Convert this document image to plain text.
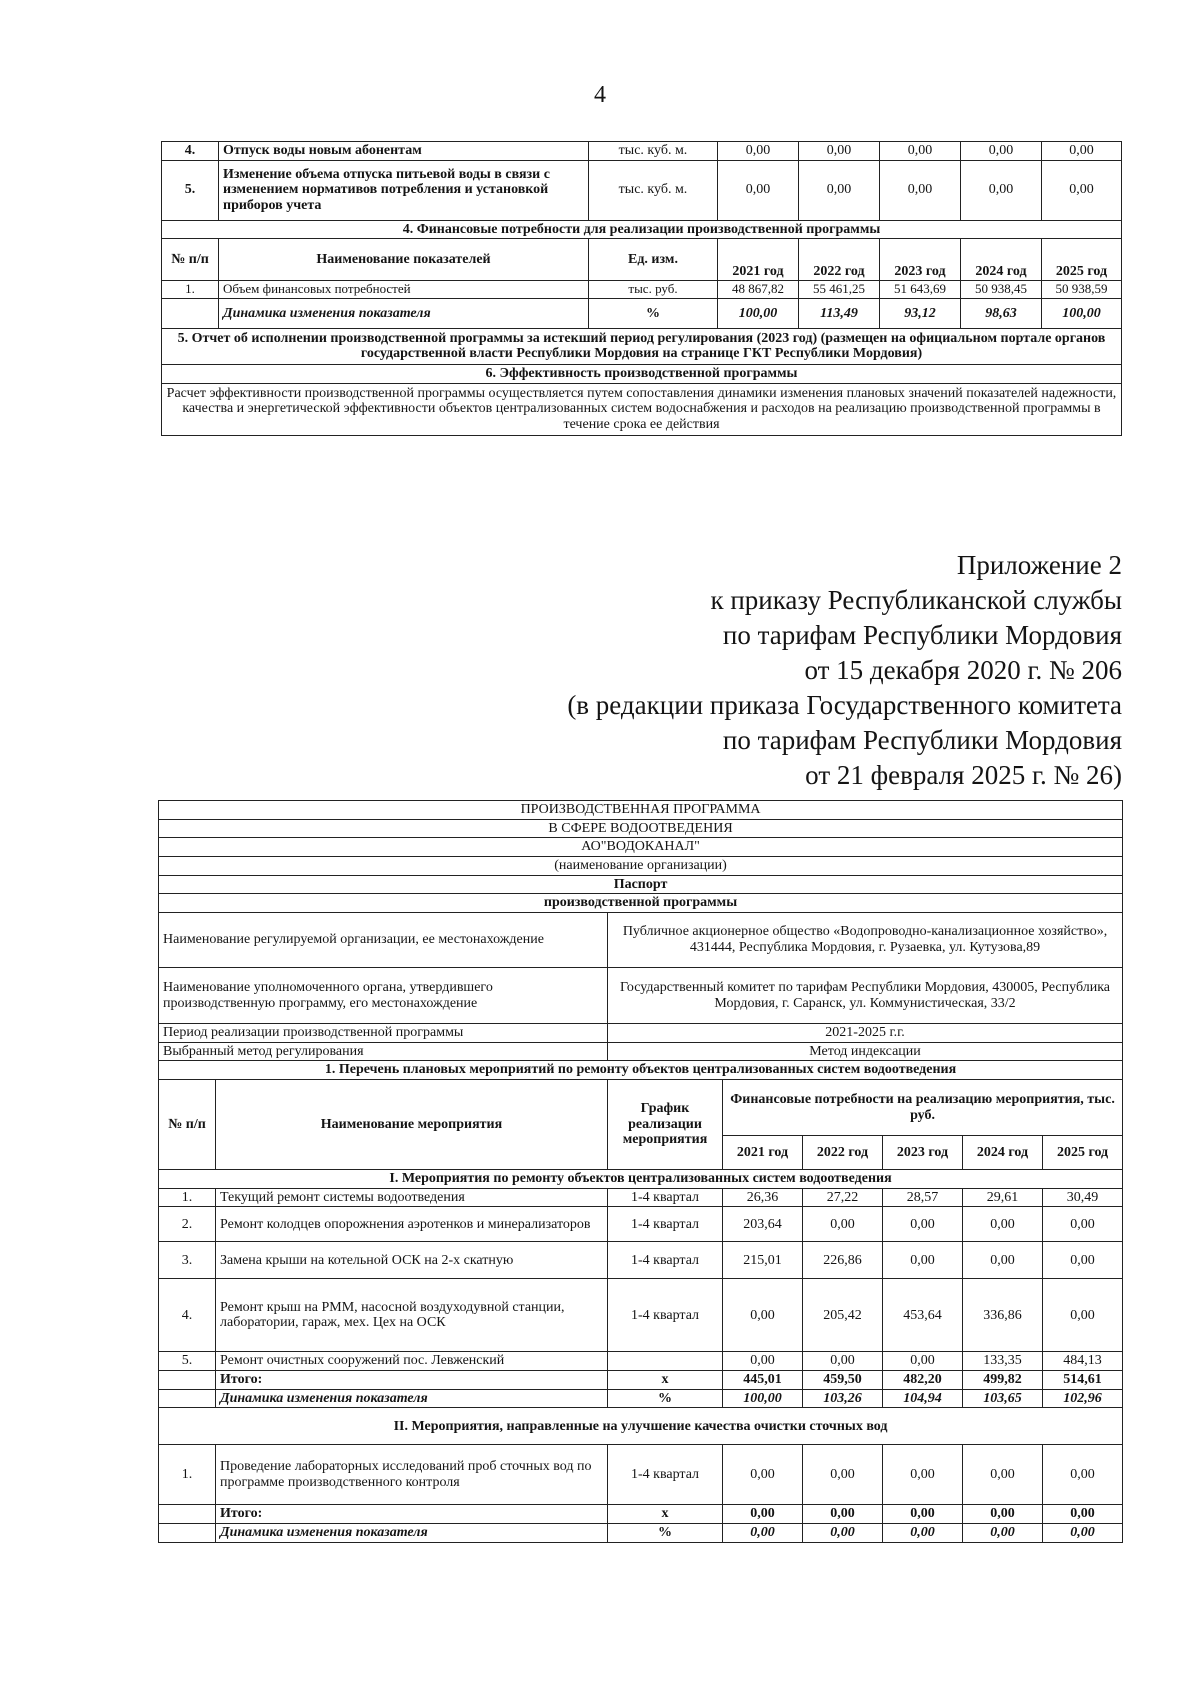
4
4.	Отпуск воды новым абонентам	тыс. куб. м.	0,00	0,00	0,00	0,00	0,00
5.	Изменение объема отпуска питьевой воды в связи с изменением нормативов потребления и установкой приборов учета	тыс. куб. м.	0,00	0,00	0,00	0,00	0,00
4. Финансовые потребности для реализации производственной программы							
№ п/п	Наименование показателей	Ед. изм.	2021 год	2022 год	2023 год	2024 год	2025 год
1.	Объем финансовых потребностей	тыс. руб.	48 867,82	55 461,25	51 643,69	50 938,45	50 938,59
	Динамика изменения показателя	%	100,00	113,49	93,12	98,63	100,00
5. Отчет об исполнении производственной программы за истекший период регулирования (2023 год) (размещен на официальном портале органов государственной власти Республики Мордовия на странице ГКТ Республики Мордовия)							
6. Эффективность производственной программы							
Расчет эффективности производственной программы осуществляется путем сопоставления динамики изменения плановых значений показателей надежности, качества и энергетической эффективности объектов централизованных систем водоснабжения и расходов на реализацию производственной программы в течение срока ее действия							
Приложение 2
к приказу Республиканской службы
по тарифам Республики Мордовия
от 15 декабря 2020 г. № 206
(в редакции приказа Государственного комитета
по тарифам Республики Мордовия
от 21 февраля 2025 г. № 26)
ПРОИЗВОДСТВЕННАЯ ПРОГРАММА							
В СФЕРЕ ВОДООТВЕДЕНИЯ							
АО"ВОДОКАНАЛ"							
(наименование организации)							
Паспорт							
производственной программы							
Наименование регулируемой организации, ее местонахождение		Публичное акционерное общество «Водопроводно-канализационное хозяйство», 431444, Республика Мордовия, г. Рузаевка, ул. Кутузова,89					
Наименование уполномоченного органа, утвердившего производственную программу, его местонахождение		Государственный комитет по тарифам Республики Мордовия, 430005, Республика Мордовия, г. Саранск, ул. Коммунистическая, 33/2					
Период реализации производственной программы		2021-2025 г.г.					
Выбранный метод регулирования		Метод индексации					
1. Перечень плановых мероприятий по ремонту объектов централизованных систем водоотведения							
№ п/п	Наименование мероприятия	График реализации мероприятия	Финансовые потребности на реализацию мероприятия, тыс. руб.				
			2021 год	2022 год	2023 год	2024 год	2025 год
I. Мероприятия по ремонту объектов централизованных систем водоотведения							
1.	Текущий ремонт системы водоотведения	1-4 квартал	26,36	27,22	28,57	29,61	30,49
2.	Ремонт колодцев опорожнения аэротенков и минерализаторов	1-4 квартал	203,64	0,00	0,00	0,00	0,00
3.	Замена крыши на котельной ОСК на 2-х скатную	1-4 квартал	215,01	226,86	0,00	0,00	0,00
4.	Ремонт крыш на РММ, насосной воздуходувной станции, лаборатории, гараж, мех. Цех на ОСК	1-4 квартал	0,00	205,42	453,64	336,86	0,00
5.	Ремонт очистных сооружений пос. Левженский		0,00	0,00	0,00	133,35	484,13
	Итого:	х	445,01	459,50	482,20	499,82	514,61
	Динамика изменения показателя	%	100,00	103,26	104,94	103,65	102,96
II. Мероприятия, направленные на улучшение качества очистки сточных вод							
1.	Проведение лабораторных исследований проб сточных вод по программе производственного контроля	1-4 квартал	0,00	0,00	0,00	0,00	0,00
	Итого:	х	0,00	0,00	0,00	0,00	0,00
	Динамика изменения показателя	%	0,00	0,00	0,00	0,00	0,00
